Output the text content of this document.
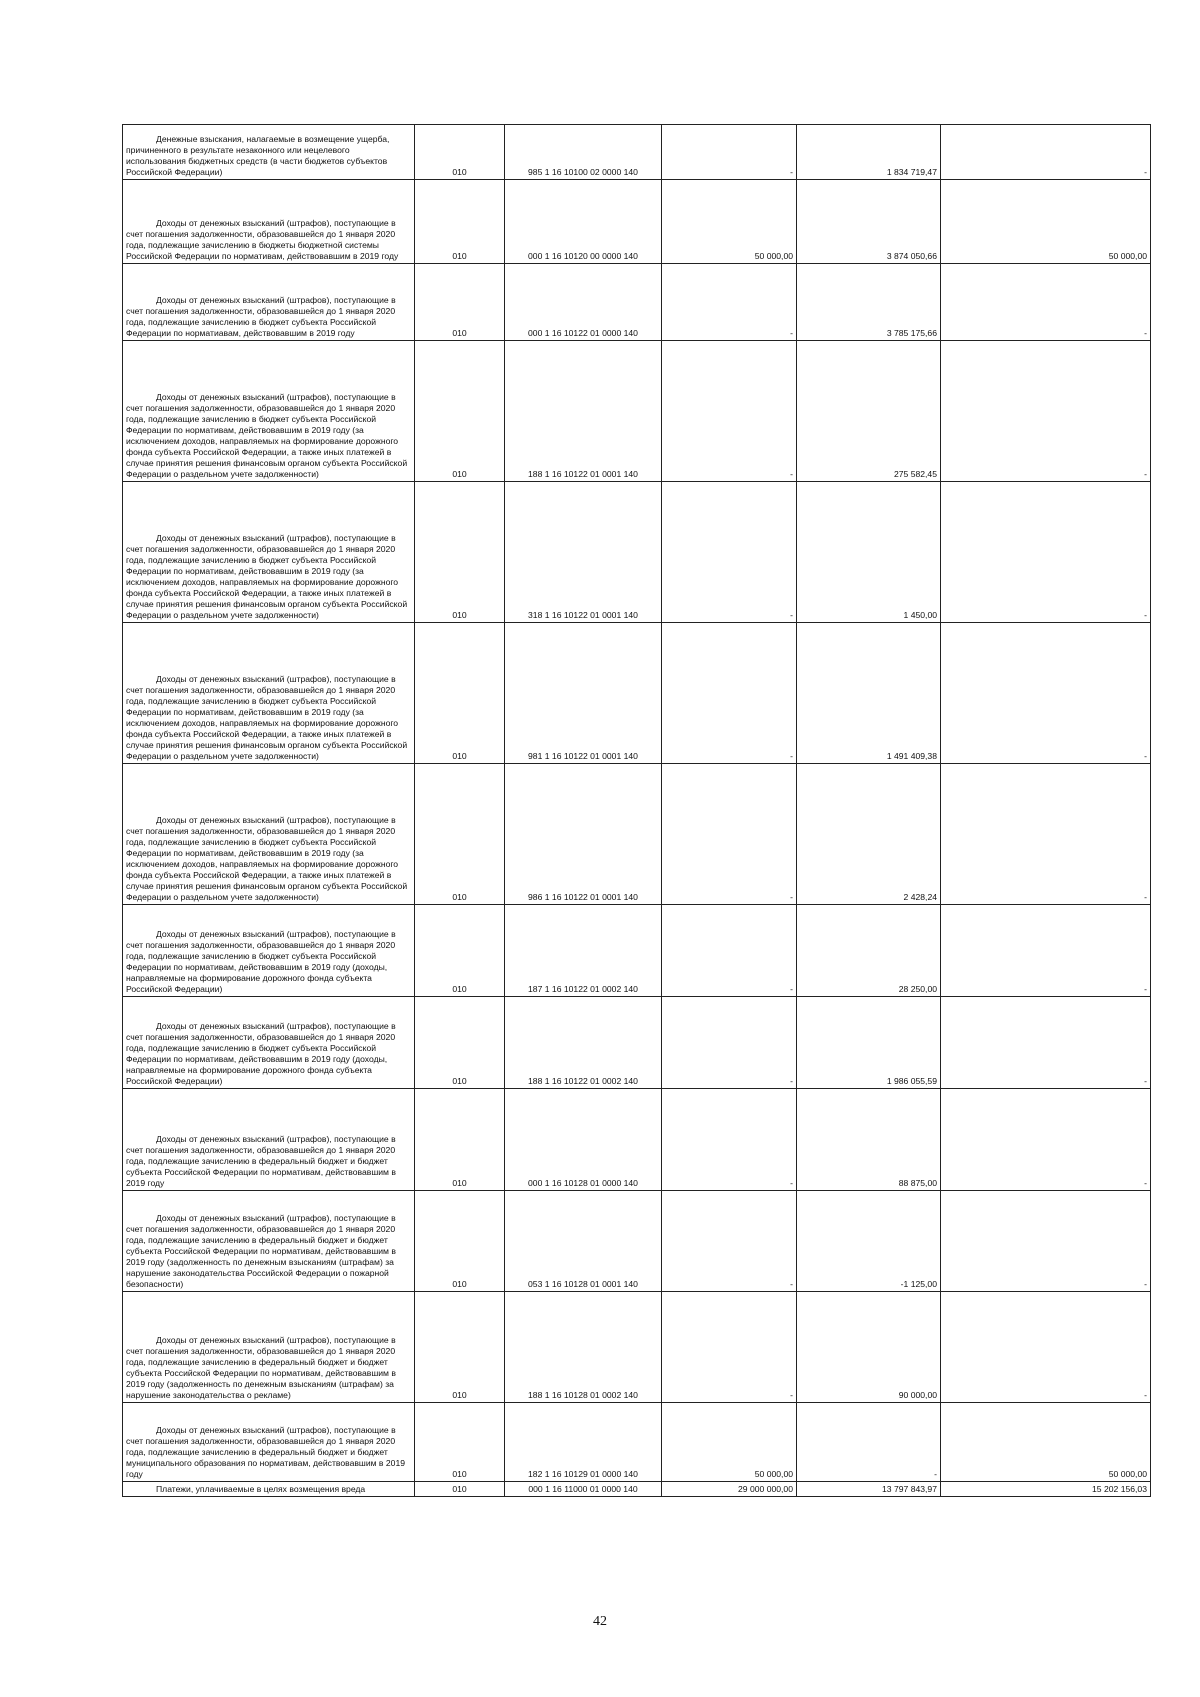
Денежные взыскания, налагаемые в возмещение ущерба, причиненного в результате незаконного или нецелевого использования бюджетных средств (в части бюджетов субъектов Российской Федерации)	010	985 1 16 10100 02 0000 140	-	1 834 719,47	-

Доходы от денежных взысканий (штрафов), поступающие в счет погашения задолженности, образовавшейся до 1 января 2020 года, подлежащие зачислению в бюджеты бюджетной системы Российской Федерации по нормативам, действовавшим в 2019 году	010	000 1 16 10120 00 0000 140	50 000,00	3 874 050,66	50 000,00

Доходы от денежных взысканий (штрафов), поступающие в счет погашения задолженности, образовавшейся до 1 января 2020 года, подлежащие зачислению в бюджет субъекта Российской Федерации по норматиавам, действовавшим в 2019 году	010	000 1 16 10122 01 0000 140	-	3 785 175,66	-

Доходы от денежных взысканий (штрафов), поступающие в счет погашения задолженности, образовавшейся до 1 января 2020 года, подлежащие зачислению в бюджет субъекта Российской Федерации по нормативам, действовавшим в 2019 году (за исключением доходов, направляемых на формирование дорожного фонда субъекта Российской Федерации, а также иных платежей в случае принятия решения финансовым органом субъекта Российской Федерации о раздельном учете задолженности)	010	188 1 16 10122 01 0001 140	-	275 582,45	-

Доходы от денежных взысканий (штрафов), поступающие в счет погашения задолженности, образовавшейся до 1 января 2020 года, подлежащие зачислению в бюджет субъекта Российской Федерации по нормативам, действовавшим в 2019 году (за исключением доходов, направляемых на формирование дорожного фонда субъекта Российской Федерации, а также иных платежей в случае принятия решения финансовым органом субъекта Российской Федерации о раздельном учете задолженности)	010	318 1 16 10122 01 0001 140	-	1 450,00	-

Доходы от денежных взысканий (штрафов), поступающие в счет погашения задолженности, образовавшейся до 1 января 2020 года, подлежащие зачислению в бюджет субъекта Российской Федерации по нормативам, действовавшим в 2019 году (за исключением доходов, направляемых на формирование дорожного фонда субъекта Российской Федерации, а также иных платежей в случае принятия решения финансовым органом субъекта Российской Федерации о раздельном учете задолженности)	010	981 1 16 10122 01 0001 140	-	1 491 409,38	-

Доходы от денежных взысканий (штрафов), поступающие в счет погашения задолженности, образовавшейся до 1 января 2020 года, подлежащие зачислению в бюджет субъекта Российской Федерации по нормативам, действовавшим в 2019 году (за исключением доходов, направляемых на формирование дорожного фонда субъекта Российской Федерации, а также иных платежей в случае принятия решения финансовым органом субъекта Российской Федерации о раздельном учете задолженности)	010	986 1 16 10122 01 0001 140	-	2 428,24	-

Доходы от денежных взысканий (штрафов), поступающие в счет погашения задолженности, образовавшейся до 1 января 2020 года, подлежащие зачислению в бюджет субъекта Российской Федерации по нормативам, действовавшим в 2019 году (доходы, направляемые на формирование дорожного фонда субъекта Российской Федерации)	010	187 1 16 10122 01 0002 140	-	28 250,00	-

Доходы от денежных взысканий (штрафов), поступающие в счет погашения задолженности, образовавшейся до 1 января 2020 года, подлежащие зачислению в бюджет субъекта Российской Федерации по нормативам, действовавшим в 2019 году (доходы, направляемые на формирование дорожного фонда субъекта Российской Федерации)	010	188 1 16 10122 01 0002 140	-	1 986 055,59	-

Доходы от денежных взысканий (штрафов), поступающие в счет погашения задолженности, образовавшейся до 1 января 2020 года, подлежащие зачислению в федеральный бюджет и бюджет субъекта Российской Федерации по нормативам, действовавшим в 2019 году	010	000 1 16 10128 01 0000 140	-	88 875,00	-

Доходы от денежных взысканий (штрафов), поступающие в счет погашения задолженности, образовавшейся до 1 января 2020 года, подлежащие зачислению в федеральный бюджет и бюджет субъекта Российской Федерации по нормативам, действовавшим в 2019 году (задолженность по денежным взысканиям (штрафам) за нарушение законодательства Российской Федерации о пожарной безопасности)	010	053 1 16 10128 01 0001 140	-	-1 125,00	-

Доходы от денежных взысканий (штрафов), поступающие в счет погашения задолженности, образовавшейся до 1 января 2020 года, подлежащие зачислению в федеральный бюджет и бюджет субъекта Российской Федерации по нормативам, действовавшим в 2019 году (задолженность по денежным взысканиям (штрафам) за нарушение законодательства о рекламе)	010	188 1 16 10128 01 0002 140	-	90 000,00	-

Доходы от денежных взысканий (штрафов), поступающие в счет погашения задолженности, образовавшейся до 1 января 2020 года, подлежащие зачислению в федеральный бюджет и бюджет муниципального образования по нормативам, действовавшим в 2019 году	010	182 1 16 10129 01 0000 140	50 000,00	-	50 000,00

Платежи, уплачиваемые в целях возмещения вреда	010	000 1 16 11000 01 0000 140	29 000 000,00	13 797 843,97	15 202 156,03
42
